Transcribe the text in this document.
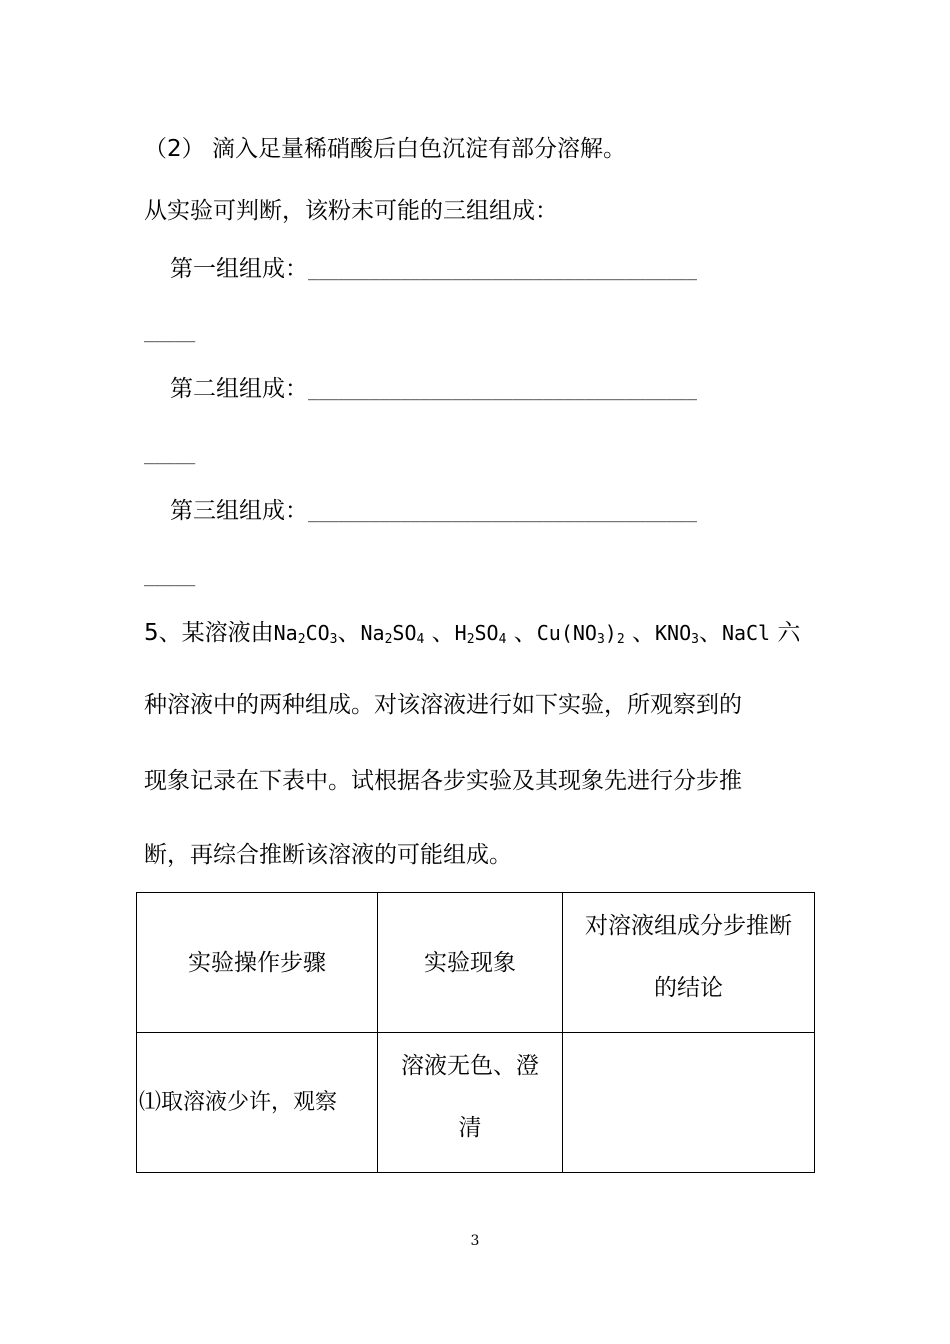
（2） 滴入足量稀硝酸后白色沉淀有部分溶解。
从实验可判断，该粉末可能的三组组成：
第一组组成：______________________________________
_____
第二组组成：______________________________________
_____
第三组组成：______________________________________
_____
5、某溶液由$Na_2CO_3$、$Na_2SO_4$ 、$H_2SO_4$ 、$Cu(NO_3)_2$ 、$KNO_3$、NaCl 六
种溶液中的两种组成。对该溶液进行如下实验，所观察到的
现象记录在下表中。试根据各步实验及其现象先进行分步推
断，再综合推断该溶液的可能组成。
实验操作步骤	实验现象	对溶液组成分步推断
的结论

⑴取溶液少许，观察	溶液无色、澄
清	

3
